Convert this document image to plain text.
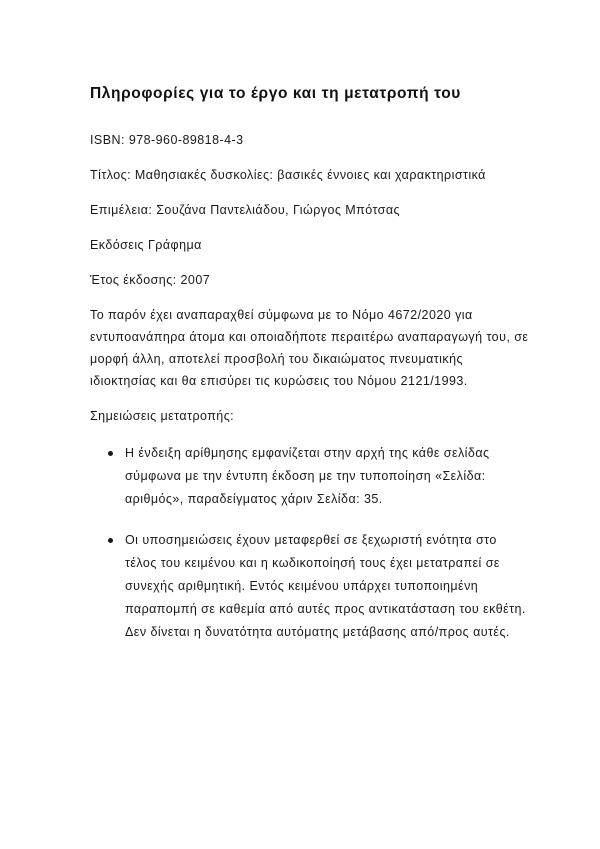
Πληροφορίες για το έργο και τη μετατροπή του

ISBN: 978-960-89818-4-3

Τίτλος: Μαθησιακές δυσκολίες: βασικές έννοιες και χαρακτηριστικά

Επιμέλεια: Σουζάνα Παντελιάδου, Γιώργος Μπότσας

Εκδόσεις Γράφημα

Έτος έκδοσης: 2007

Το παρόν έχει αναπαραχθεί σύμφωνα με το Νόμο 4672/2020 για εντυποανάπηρα άτομα και οποιαδήποτε περαιτέρω αναπαραγωγή του, σε μορφή άλλη, αποτελεί προσβολή του δικαιώματος πνευματικής ιδιοκτησίας και θα επισύρει τις κυρώσεις του Νόμου 2121/1993.

Σημειώσεις μετατροπής:

Η ένδειξη αρίθμησης εμφανίζεται στην αρχή της κάθε σελίδας σύμφωνα με την έντυπη έκδοση με την τυποποίηση «Σελίδα: αριθμός», παραδείγματος χάριν Σελίδα: 35.
Οι υποσημειώσεις έχουν μεταφερθεί σε ξεχωριστή ενότητα στο τέλος του κειμένου και η κωδικοποίησή τους έχει μετατραπεί σε συνεχής αριθμητική. Εντός κειμένου υπάρχει τυποποιημένη παραπομπή σε καθεμία από αυτές προς αντικατάσταση του εκθέτη. Δεν δίνεται η δυνατότητα αυτόματης μετάβασης από/προς αυτές.
